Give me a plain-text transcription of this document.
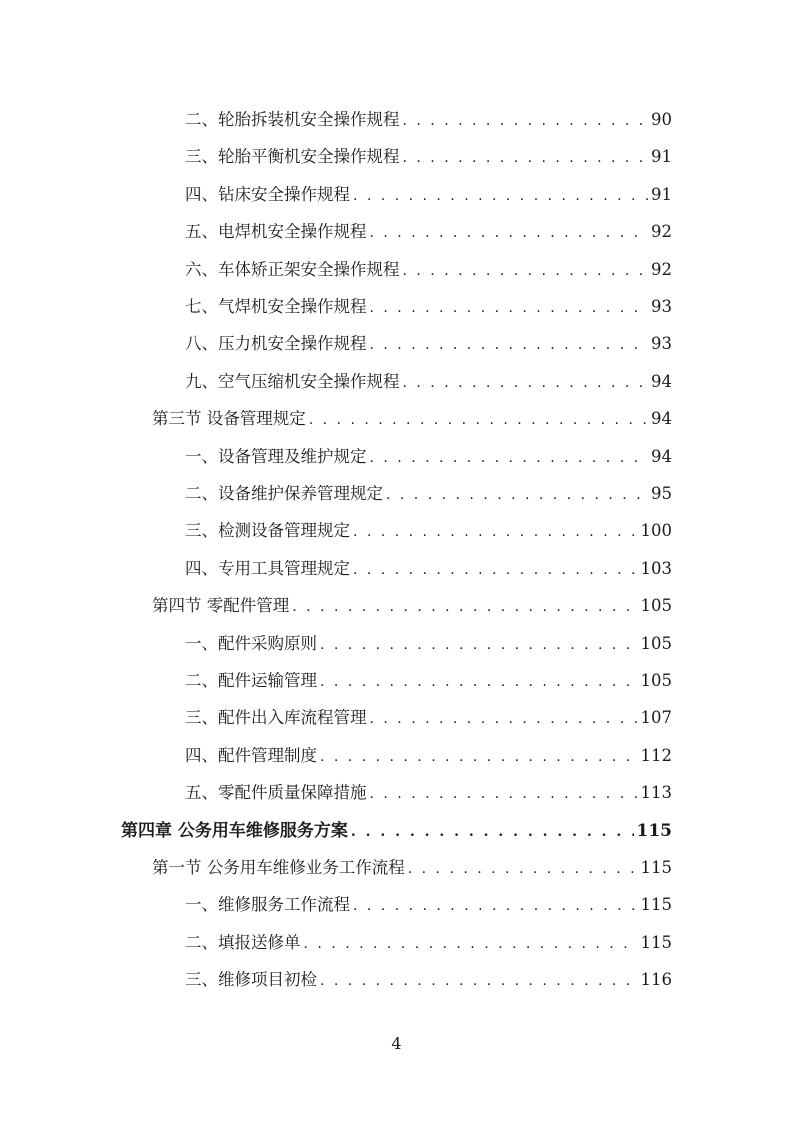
二、轮胎拆装机安全操作规程 . . .	90
三、轮胎平衡机安全操作规程 . . .	91
四、钻床安全操作规程 . . .	91
五、电焊机安全操作规程 . . .	92
六、车体矫正架安全操作规程 . . .	92
七、气焊机安全操作规程 . . .	93
八、压力机安全操作规程 . . .	93
九、空气压缩机安全操作规程 . . .	94
第三节 设备管理规定 . . .	94
一、设备管理及维护规定 . . .	94
二、设备维护保养管理规定 . . .	95
三、检测设备管理规定 . . .	100
四、专用工具管理规定 . . .	103
第四节 零配件管理 . . .	105
一、配件采购原则 . . .	105
二、配件运输管理 . . .	105
三、配件出入库流程管理 . . .	107
四、配件管理制度 . . .	112
五、零配件质量保障措施 . . .	113
第四章 公务用车维修服务方案 . . .	115
第一节 公务用车维修业务工作流程 . . .	115
一、维修服务工作流程 . . .	115
二、填报送修单 . . .	115
三、维修项目初检 . . .	116
4
